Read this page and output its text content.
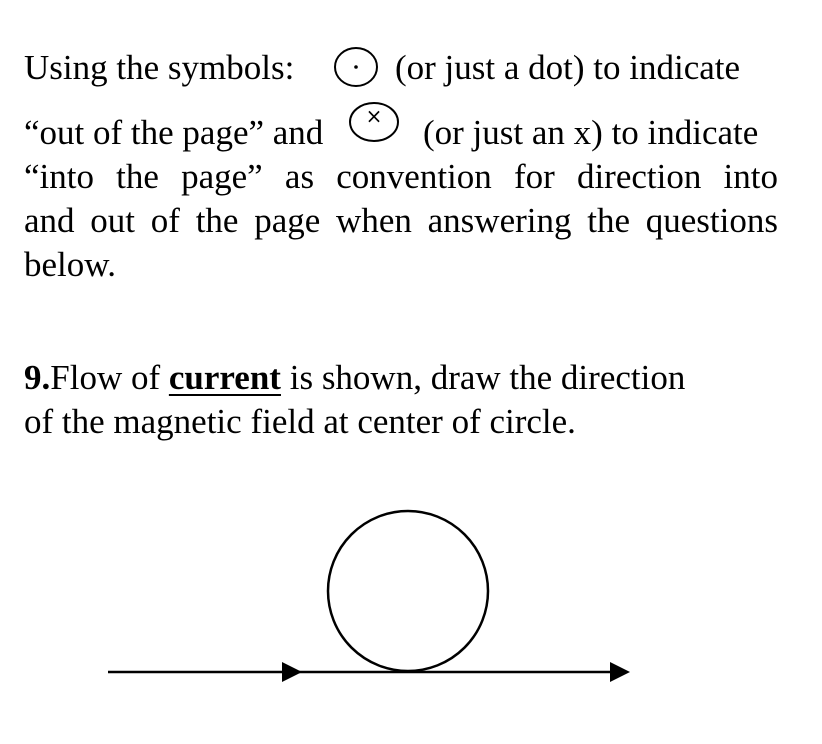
Using the symbols:	(or just a dot) to indicate
“out of the page” and × (or just an x) to indicate
“into the page” as convention for direction into
and out of the page when answering the questions
below.
9.Flow of current is shown, draw the direction
of the magnetic field at center of circle.
